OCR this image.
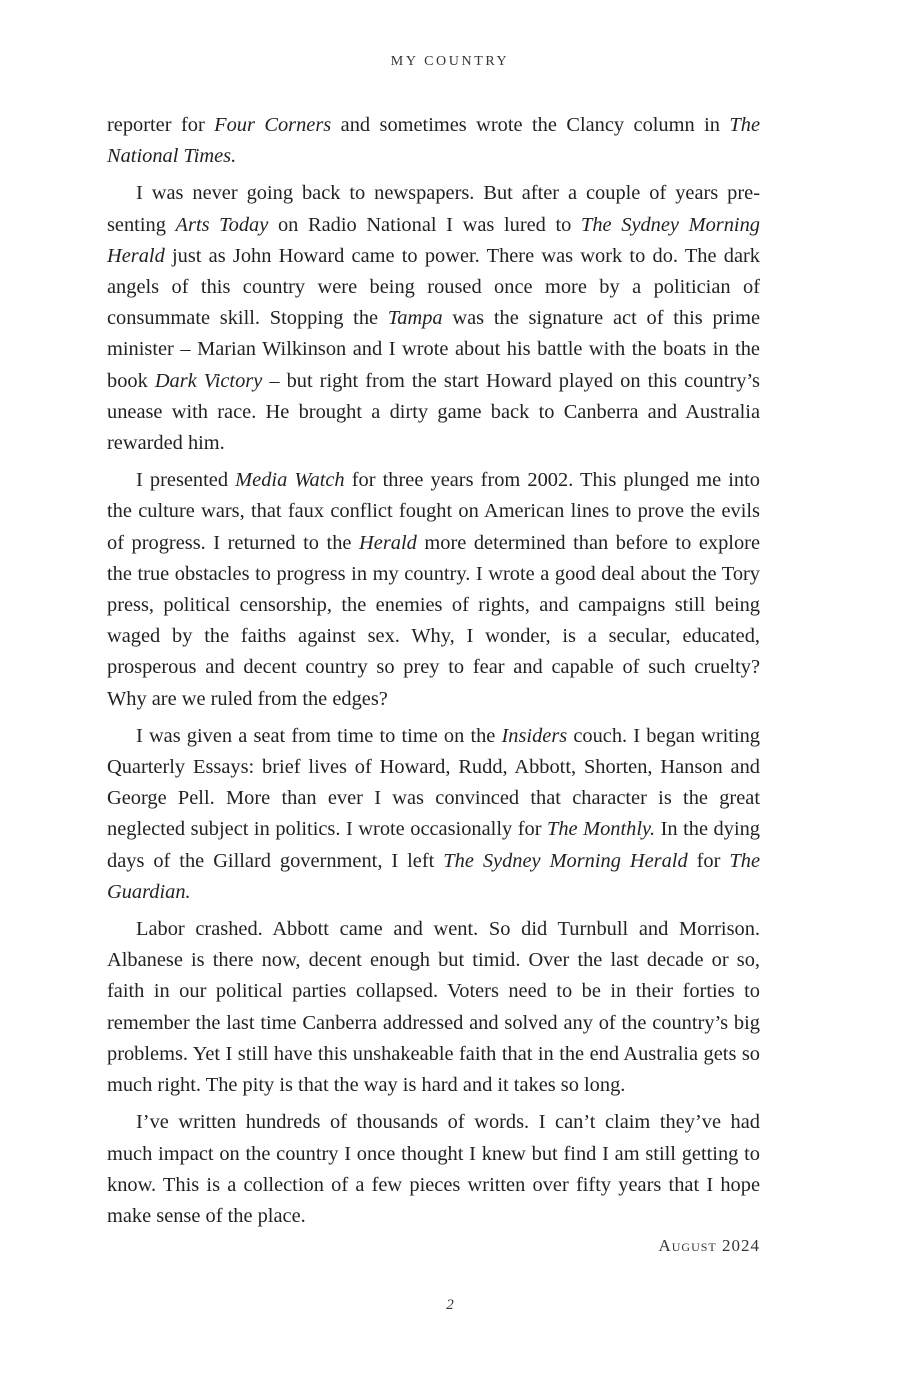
MY COUNTRY

reporter for Four Corners and sometimes wrote the Clancy column in The National Times.

I was never going back to newspapers. But after a couple of years presenting Arts Today on Radio National I was lured to The Sydney Morning Herald just as John Howard came to power. There was work to do. The dark angels of this country were being roused once more by a politician of consummate skill. Stopping the Tampa was the signature act of this prime minister – Marian Wilkinson and I wrote about his battle with the boats in the book Dark Victory – but right from the start Howard played on this country’s unease with race. He brought a dirty game back to Canberra and Australia rewarded him.

I presented Media Watch for three years from 2002. This plunged me into the culture wars, that faux conflict fought on American lines to prove the evils of progress. I returned to the Herald more determined than before to explore the true obstacles to progress in my country. I wrote a good deal about the Tory press, political censorship, the enemies of rights, and campaigns still being waged by the faiths against sex. Why, I wonder, is a secular, educated, prosperous and decent country so prey to fear and capable of such cruelty? Why are we ruled from the edges?

I was given a seat from time to time on the Insiders couch. I began writing Quarterly Essays: brief lives of Howard, Rudd, Abbott, Shorten, Hanson and George Pell. More than ever I was convinced that character is the great neglected subject in politics. I wrote occasionally for The Monthly. In the dying days of the Gillard government, I left The Sydney Morning Herald for The Guardian.

Labor crashed. Abbott came and went. So did Turnbull and Morrison. Albanese is there now, decent enough but timid. Over the last decade or so, faith in our political parties collapsed. Voters need to be in their forties to remember the last time Canberra addressed and solved any of the country’s big problems. Yet I still have this unshakeable faith that in the end Australia gets so much right. The pity is that the way is hard and it takes so long.

I’ve written hundreds of thousands of words. I can’t claim they’ve had much impact on the country I once thought I knew but find I am still getting to know. This is a collection of a few pieces written over fifty years that I hope make sense of the place.

August 2024
2
